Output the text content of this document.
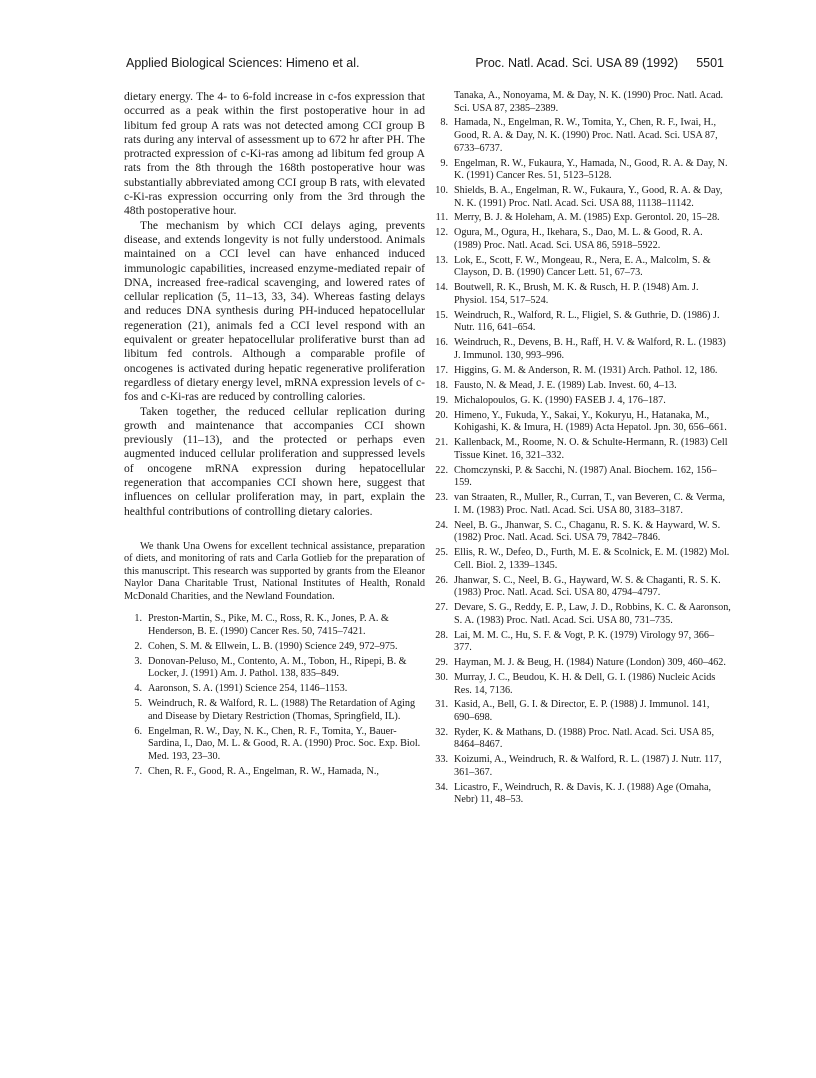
Applied Biological Sciences: Himeno et al.	Proc. Natl. Acad. Sci. USA 89 (1992) 5501

dietary energy. The 4- to 6-fold increase in c-fos expression that occurred as a peak within the first postoperative hour in ad libitum fed group A rats was not detected among CCI group B rats during any interval of assessment up to 672 hr after PH. The protracted expression of c-Ki-ras among ad libitum fed group A rats from the 8th through the 168th postoperative hour was substantially abbreviated among CCI group B rats, with elevated c-Ki-ras expression occurring only from the 3rd through the 48th postoperative hour.

The mechanism by which CCI delays aging, prevents disease, and extends longevity is not fully understood. Animals maintained on a CCI level can have enhanced induced immunologic capabilities, increased enzyme-mediated repair of DNA, increased free-radical scavenging, and lowered rates of cellular replication (5, 11–13, 33, 34). Whereas fasting delays and reduces DNA synthesis during PH-induced hepatocellular regeneration (21), animals fed a CCI level respond with an equivalent or greater hepatocellular proliferative burst than ad libitum fed controls. Although a comparable profile of oncogenes is activated during hepatic regenerative proliferation regardless of dietary energy level, mRNA expression levels of c-fos and c-Ki-ras are reduced by controlling calories.

Taken together, the reduced cellular replication during growth and maintenance that accompanies CCI shown previously (11–13), and the protected or perhaps even augmented induced cellular proliferation and suppressed levels of oncogene mRNA expression during hepatocellular regeneration that accompanies CCI shown here, suggest that influences on cellular proliferation may, in part, explain the healthful contributions of controlling dietary calories.

We thank Una Owens for excellent technical assistance, preparation of diets, and monitoring of rats and Carla Gotlieb for the preparation of this manuscript. This research was supported by grants from the Eleanor Naylor Dana Charitable Trust, National Institutes of Health, Ronald McDonald Charities, and the Newland Foundation.

1. Preston-Martin, S., Pike, M. C., Ross, R. K., Jones, P. A. & Henderson, B. E. (1990) Cancer Res. 50, 7415–7421.
2. Cohen, S. M. & Ellwein, L. B. (1990) Science 249, 972–975.
3. Donovan-Peluso, M., Contento, A. M., Tobon, H., Ripepi, B. & Locker, J. (1991) Am. J. Pathol. 138, 835–849.
4. Aaronson, S. A. (1991) Science 254, 1146–1153.
5. Weindruch, R. & Walford, R. L. (1988) The Retardation of Aging and Disease by Dietary Restriction (Thomas, Springfield, IL).
6. Engelman, R. W., Day, N. K., Chen, R. F., Tomita, Y., Bauer-Sardina, I., Dao, M. L. & Good, R. A. (1990) Proc. Soc. Exp. Biol. Med. 193, 23–30.
7. Chen, R. F., Good, R. A., Engelman, R. W., Hamada, N.,
Tanaka, A., Nonoyama, M. & Day, N. K. (1990) Proc. Natl. Acad. Sci. USA 87, 2385–2389.
8. Hamada, N., Engelman, R. W., Tomita, Y., Chen, R. F., Iwai, H., Good, R. A. & Day, N. K. (1990) Proc. Natl. Acad. Sci. USA 87, 6733–6737.
9. Engelman, R. W., Fukaura, Y., Hamada, N., Good, R. A. & Day, N. K. (1991) Cancer Res. 51, 5123–5128.
10. Shields, B. A., Engelman, R. W., Fukaura, Y., Good, R. A. & Day, N. K. (1991) Proc. Natl. Acad. Sci. USA 88, 11138–11142.
11. Merry, B. J. & Holeham, A. M. (1985) Exp. Gerontol. 20, 15–28.
12. Ogura, M., Ogura, H., Ikehara, S., Dao, M. L. & Good, R. A. (1989) Proc. Natl. Acad. Sci. USA 86, 5918–5922.
13. Lok, E., Scott, F. W., Mongeau, R., Nera, E. A., Malcolm, S. & Clayson, D. B. (1990) Cancer Lett. 51, 67–73.
14. Boutwell, R. K., Brush, M. K. & Rusch, H. P. (1948) Am. J. Physiol. 154, 517–524.
15. Weindruch, R., Walford, R. L., Fligiel, S. & Guthrie, D. (1986) J. Nutr. 116, 641–654.
16. Weindruch, R., Devens, B. H., Raff, H. V. & Walford, R. L. (1983) J. Immunol. 130, 993–996.
17. Higgins, G. M. & Anderson, R. M. (1931) Arch. Pathol. 12, 186.
18. Fausto, N. & Mead, J. E. (1989) Lab. Invest. 60, 4–13.
19. Michalopoulos, G. K. (1990) FASEB J. 4, 176–187.
20. Himeno, Y., Fukuda, Y., Sakai, Y., Kokuryu, H., Hatanaka, M., Kohigashi, K. & Imura, H. (1989) Acta Hepatol. Jpn. 30, 656–661.
21. Kallenback, M., Roome, N. O. & Schulte-Hermann, R. (1983) Cell Tissue Kinet. 16, 321–332.
22. Chomczynski, P. & Sacchi, N. (1987) Anal. Biochem. 162, 156–159.
23. van Straaten, R., Muller, R., Curran, T., van Beveren, C. & Verma, I. M. (1983) Proc. Natl. Acad. Sci. USA 80, 3183–3187.
24. Neel, B. G., Jhanwar, S. C., Chaganu, R. S. K. & Hayward, W. S. (1982) Proc. Natl. Acad. Sci. USA 79, 7842–7846.
25. Ellis, R. W., Defeo, D., Furth, M. E. & Scolnick, E. M. (1982) Mol. Cell. Biol. 2, 1339–1345.
26. Jhanwar, S. C., Neel, B. G., Hayward, W. S. & Chaganti, R. S. K. (1983) Proc. Natl. Acad. Sci. USA 80, 4794–4797.
27. Devare, S. G., Reddy, E. P., Law, J. D., Robbins, K. C. & Aaronson, S. A. (1983) Proc. Natl. Acad. Sci. USA 80, 731–735.
28. Lai, M. M. C., Hu, S. F. & Vogt, P. K. (1979) Virology 97, 366–377.
29. Hayman, M. J. & Beug, H. (1984) Nature (London) 309, 460–462.
30. Murray, J. C., Beudou, K. H. & Dell, G. I. (1986) Nucleic Acids Res. 14, 7136.
31. Kasid, A., Bell, G. I. & Director, E. P. (1988) J. Immunol. 141, 690–698.
32. Ryder, K. & Mathans, D. (1988) Proc. Natl. Acad. Sci. USA 85, 8464–8467.
33. Koizumi, A., Weindruch, R. & Walford, R. L. (1987) J. Nutr. 117, 361–367.
34. Licastro, F., Weindruch, R. & Davis, K. J. (1988) Age (Omaha, Nebr) 11, 48–53.
